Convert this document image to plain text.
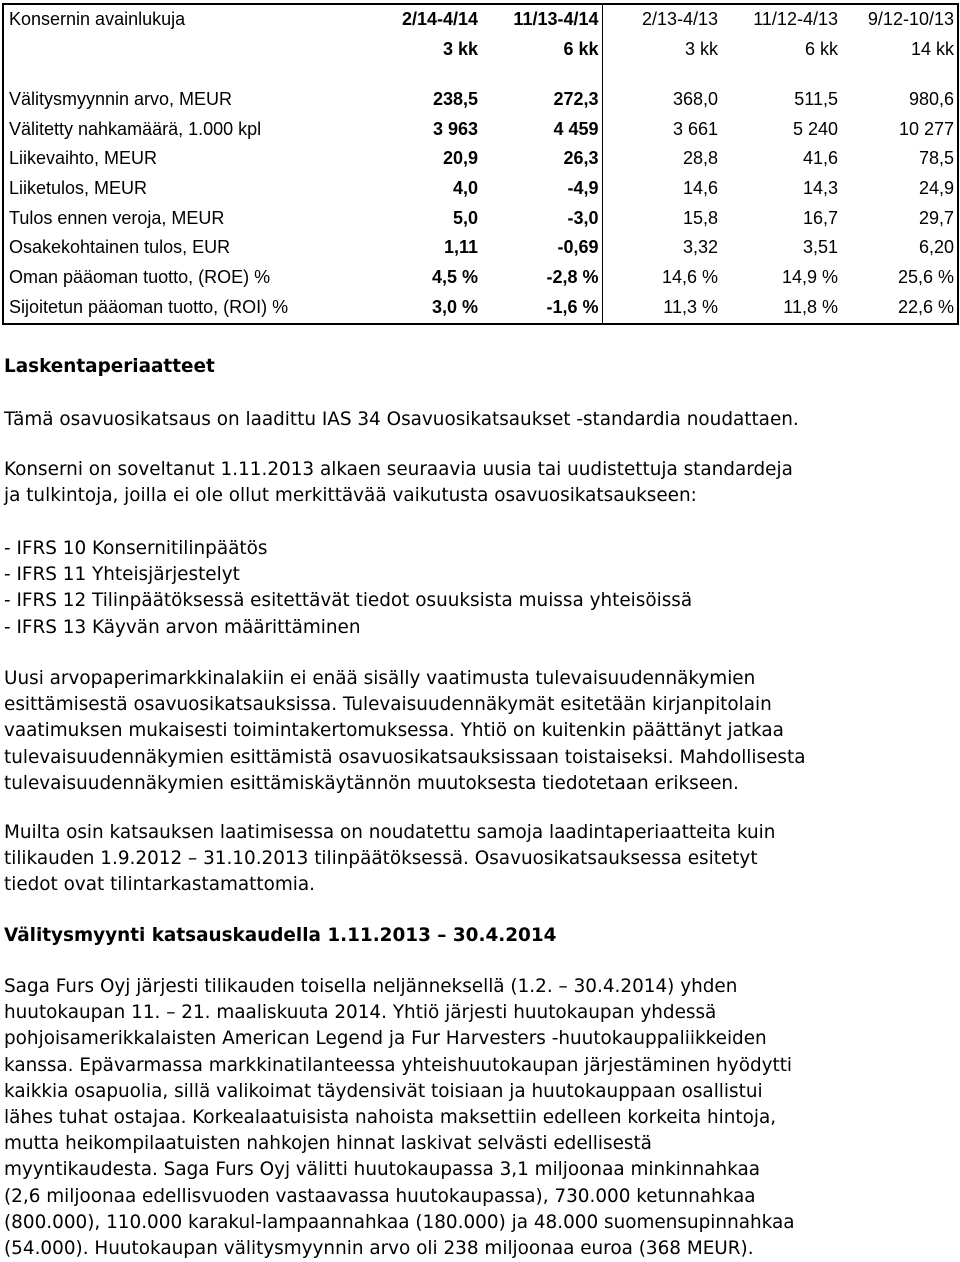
Konsernin avainlukuja	2/14-4/14	11/13-4/14	2/13-4/13	11/12-4/13	9/12-10/13
	3 kk	6 kk	3 kk	6 kk	14 kk

Välitysmyynnin arvo, MEUR	238,5	272,3	368,0	511,5	980,6
Välitetty nahkamäärä, 1.000 kpl	3 963	4 459	3 661	5 240	10 277
Liikevaihto, MEUR	20,9	26,3	28,8	41,6	78,5
Liiketulos, MEUR	4,0	-4,9	14,6	14,3	24,9
Tulos ennen veroja, MEUR	5,0	-3,0	15,8	16,7	29,7
Osakekohtainen tulos, EUR	1,11	-0,69	3,32	3,51	6,20
Oman pääoman tuotto, (ROE) %	4,5 %	-2,8 %	14,6 %	14,9 %	25,6 %
Sijoitetun pääoman tuotto, (ROI) %	3,0 %	-1,6 %	11,3 %	11,8 %	22,6 %

Laskentaperiaatteet

Tämä osavuosikatsaus on laadittu IAS 34 Osavuosikatsaukset -standardia noudattaen.

Konserni on soveltanut 1.11.2013 alkaen seuraavia uusia tai uudistettuja standardeja

ja tulkintoja, joilla ei ole ollut merkittävää vaikutusta osavuosikatsaukseen:

- IFRS 10 Konsernitilinpäätös
- IFRS 11 Yhteisjärjestelyt
- IFRS 12 Tilinpäätöksessä esitettävät tiedot osuuksista muissa yhteisöissä
- IFRS 13 Käyvän arvon määrittäminen

Uusi arvopaperimarkkinalakiin ei enää sisälly vaatimusta tulevaisuudennäkymien

esittämisestä osavuosikatsauksissa. Tulevaisuudennäkymät esitetään kirjanpitolain

vaatimuksen mukaisesti toimintakertomuksessa. Yhtiö on kuitenkin päättänyt jatkaa

tulevaisuudennäkymien esittämistä osavuosikatsauksissaan toistaiseksi. Mahdollisesta

tulevaisuudennäkymien esittämiskäytännön muutoksesta tiedotetaan erikseen.

Muilta osin katsauksen laatimisessa on noudatettu samoja laadintaperiaatteita kuin

tilikauden 1.9.2012 – 31.10.2013 tilinpäätöksessä. Osavuosikatsauksessa esitetyt

tiedot ovat tilintarkastamattomia.

Välitysmyynti katsauskaudella 1.11.2013 – 30.4.2014

Saga Furs Oyj järjesti tilikauden toisella neljänneksellä (1.2. – 30.4.2014) yhden

huutokaupan 11. – 21. maaliskuuta 2014. Yhtiö järjesti huutokaupan yhdessä

pohjoisamerikkalaisten American Legend ja Fur Harvesters -huutokauppaliikkeiden

kanssa. Epävarmassa markkinatilanteessa yhteishuutokaupan järjestäminen hyödytti

kaikkia osapuolia, sillä valikoimat täydensivät toisiaan ja huutokauppaan osallistui

lähes tuhat ostajaa. Korkealaatuisista nahoista maksettiin edelleen korkeita hintoja,

mutta heikompilaatuisten nahkojen hinnat laskivat selvästi edellisestä

myyntikaudesta. Saga Furs Oyj välitti huutokaupassa 3,1 miljoonaa minkinnahkaa

(2,6 miljoonaa edellisvuoden vastaavassa huutokaupassa), 730.000 ketunnahkaa

(800.000), 110.000 karakul-lampaannahkaa (180.000) ja 48.000 suomensupinnahkaa

(54.000). Huutokaupan välitysmyynnin arvo oli 238 miljoonaa euroa (368 MEUR).
